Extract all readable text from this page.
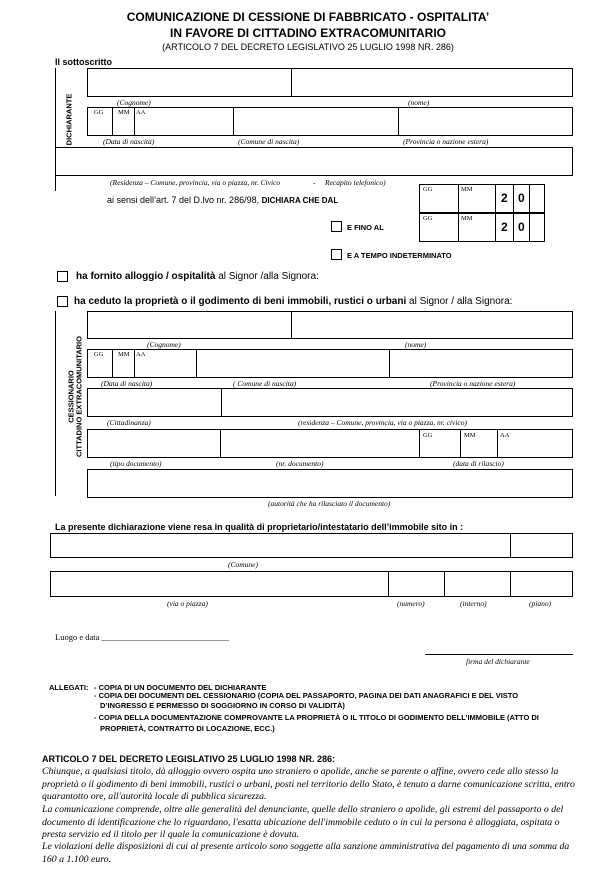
COMUNICAZIONE DI CESSIONE DI FABBRICATO - OSPITALITA’
IN FAVORE DI CITTADINO EXTRACOMUNITARIO
(ARTICOLO 7 DEL DECRETO LEGISLATIVO 25 LUGLIO 1998 NR. 286)
Il sottoscritto
DICHIARANTE	(Cognome)	(nome)
GG MM AA
(Data di nascita)	(Comune di nascita)	(Provincia o nazione estera)
(Residenza – Comune, provincia, via o piazza, nr. Civico	- Recapito telefonico)
ai sensi dell’art. 7 del D.lvo nr. 286/98, DICHIARA CHE DAL
GG	MM
2 0
GG	MM
2 0
E FINO AL
E A TEMPO INDETERMINATO
ha fornito alloggio / ospitalità al Signor /alla Signora:
ha ceduto la proprietà o il godimento di beni immobili, rustici o urbani al Signor / alla Signora:
CESSIONARIO CITTADINO EXTRACOMUNITARIO	(Cognome)	(nome)
GG MM AA
(Data di nascita)	( Comune di nascita)	(Provincia o nazione estera)
(Cittadinanza)	(residenza – Comune, provincia, via o piazza, nr. civico)
GG	MM	AA
(tipo documento)	(nr. documento)	(data di rilascio)
(autorità che ha rilasciato il documento)
La presente dichiarazione viene resa in qualità di proprietario/intestatario dell’immobile sito in :
(Comune)
(via o piazza)	(numero)	(interno)	(piano)
Luogo e data ______________________________
firma del dichiarante
ALLEGATI: - COPIA DI UN DOCUMENTO DEL DICHIARANTE
- COPIA DEI DOCUMENTI DEL CESSIONARIO (COPIA DEL PASSAPORTO, PAGINA DEI DATI ANAGRAFICI E DEL VISTO
D’INGRESSO E PERMESSO DI SOGGIORNO IN CORSO DI VALIDITÀ)
- COPIA DELLA DOCUMENTAZIONE COMPROVANTE LA PROPRIETÀ O IL TITOLO DI GODIMENTO DELL’IMMOBILE (ATTO DI
PROPRIETÀ, CONTRATTO DI LOCAZIONE, ECC.)
ARTICOLO 7 DEL DECRETO LEGISLATIVO 25 LUGLIO 1998 NR. 286:
Chiunque, a qualsiasi titolo, dà alloggio ovvero ospita uno straniero o apolide, anche se parente o affine, ovvero cede allo stesso la proprietà o il godimento di beni immobili, rustici o urbani, posti nel territorio dello Stato, è tenuto a darne comunicazione scritta, entro quarantotto ore, all'autorità locale di pubblica sicurezza.
La comunicazione comprende, oltre alle generalità del denunciante, quelle dello straniero o apolide, gli estremi del passaporto o del documento di identificazione che lo riguardano, l'esatta ubicazione dell'immobile ceduto o in cui la persona è alloggiata, ospitata o presta servizio ed il titolo per il quale la comunicazione è dovuta.
Le violazioni delle disposizioni di cui al presente articolo sono soggette alla sanzione amministrativa del pagamento di una somma da 160 a 1.100 euro.
